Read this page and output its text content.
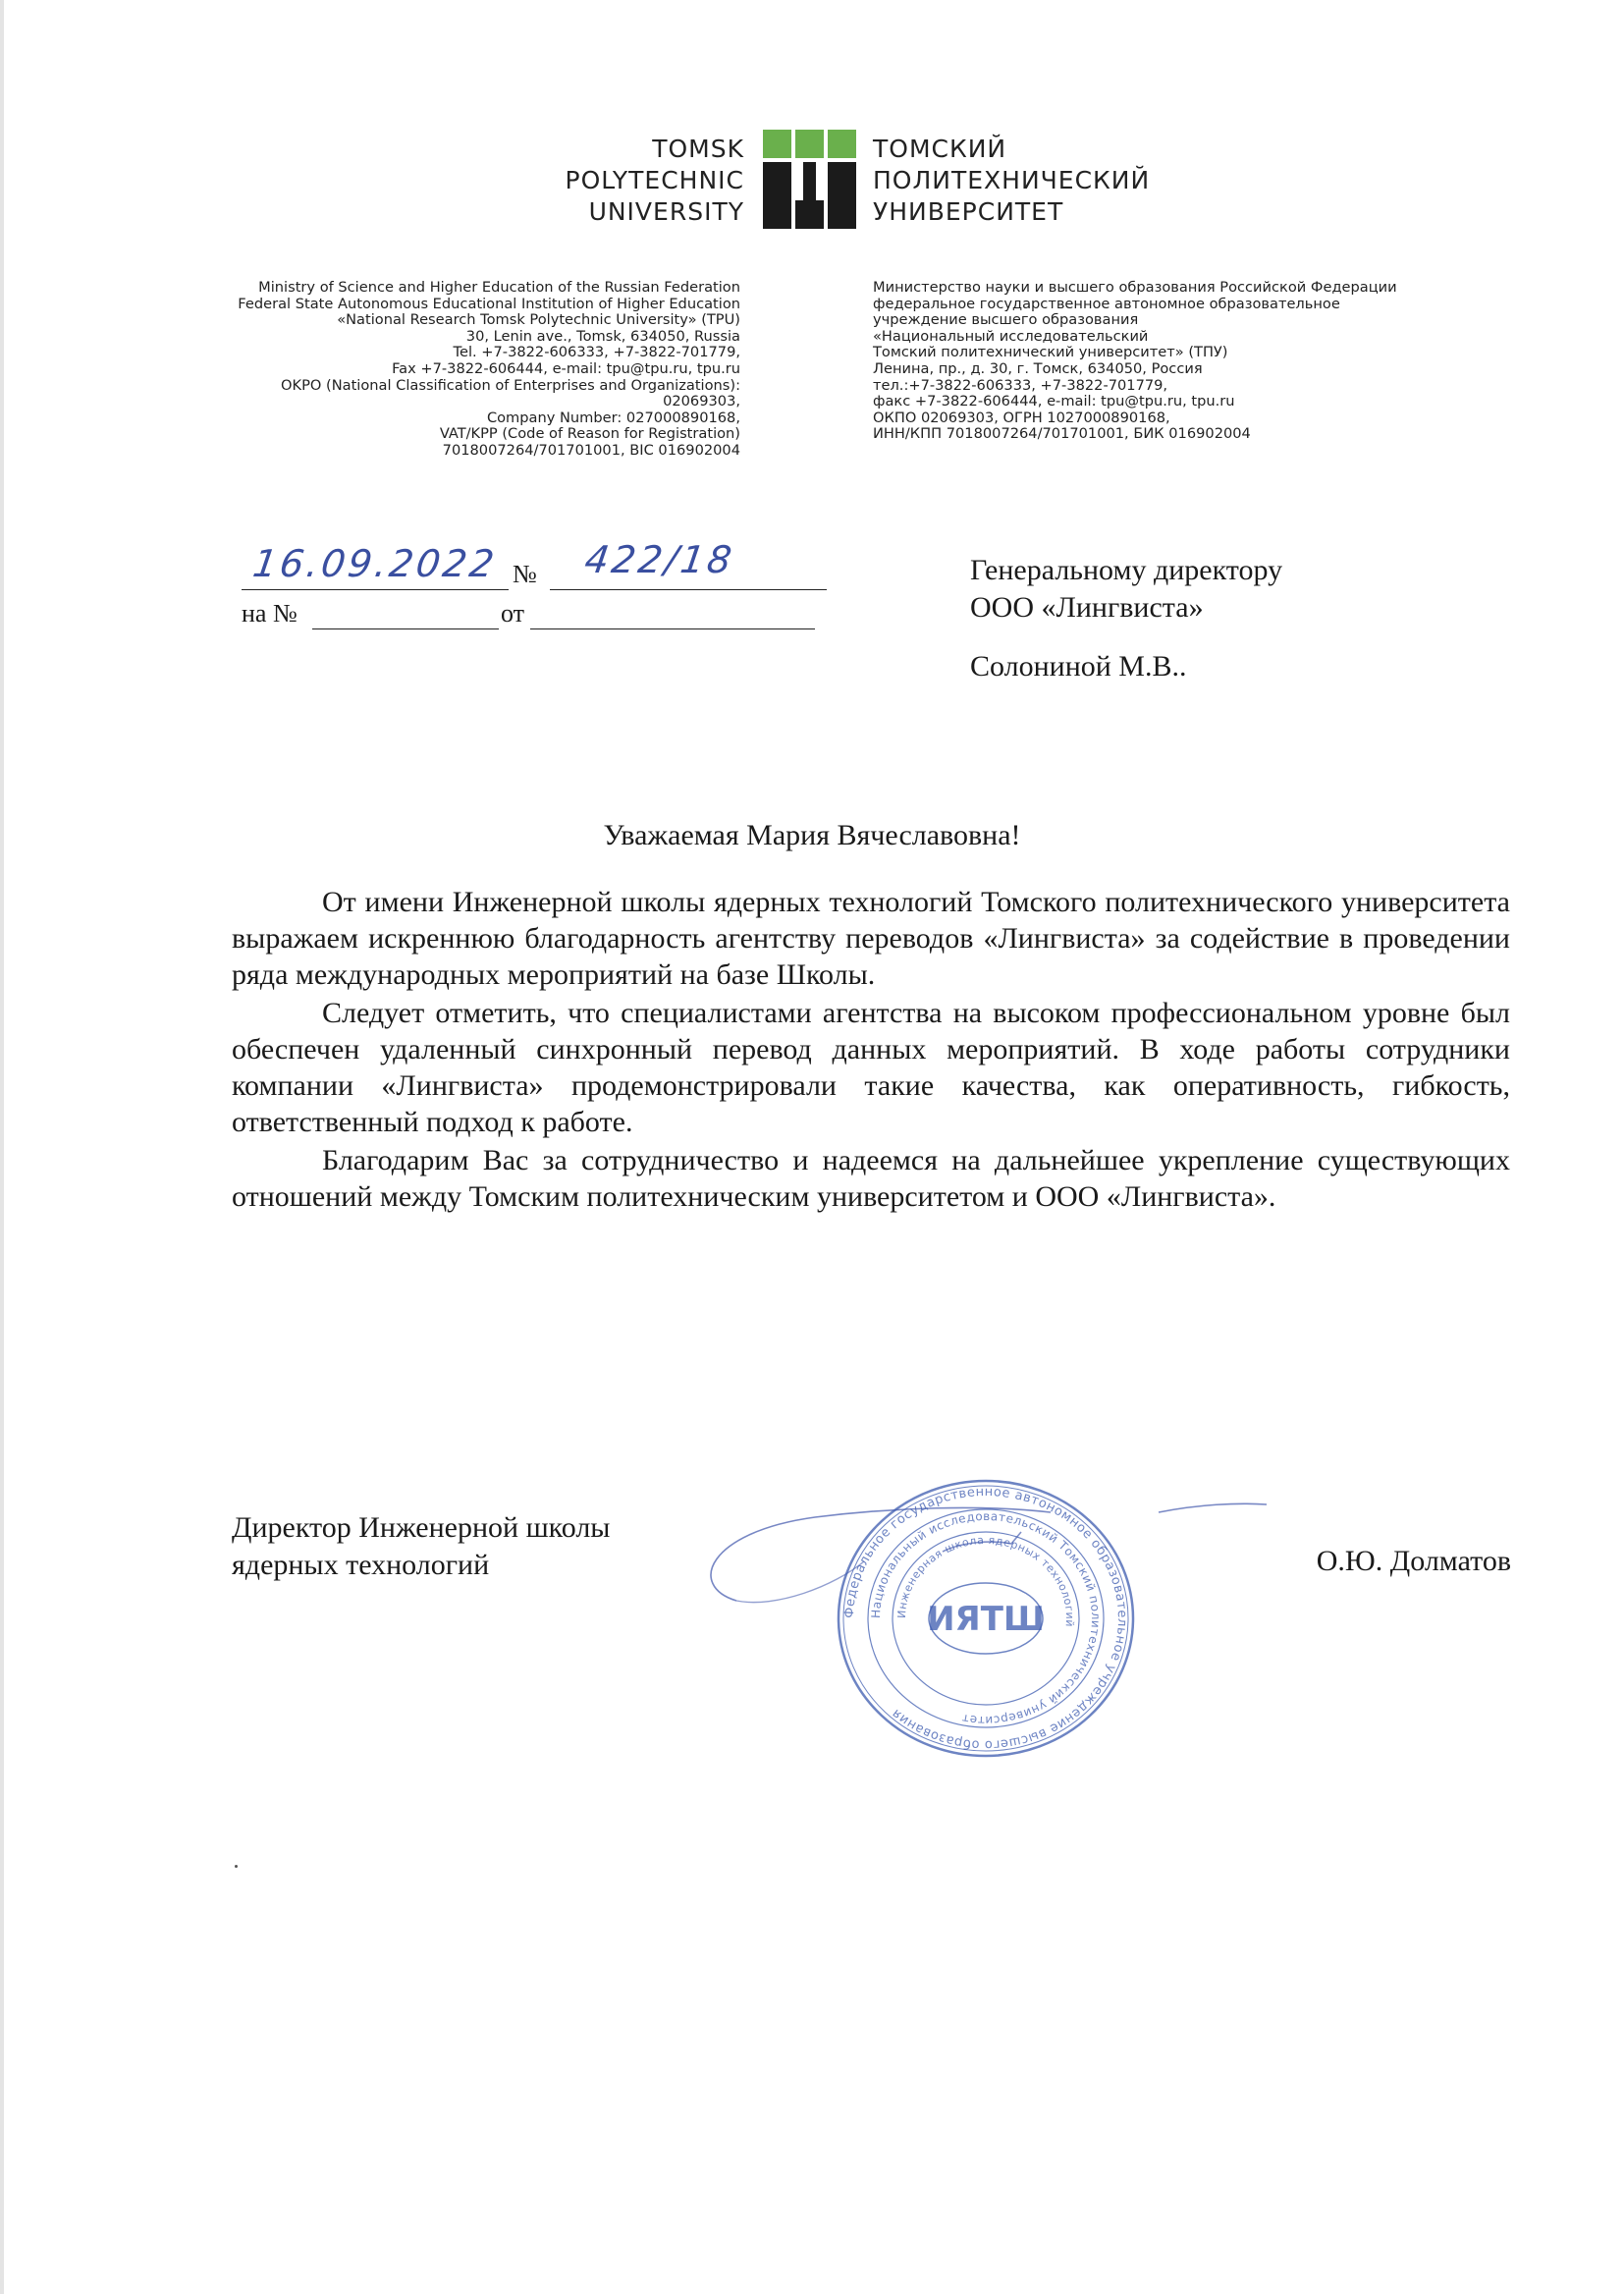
TOMSK
POLYTECHNIC
UNIVERSITY
ТОМСКИЙ
ПОЛИТЕХНИЧЕСКИЙ
УНИВЕРСИТЕТ
Ministry of Science and Higher Education of the Russian Federation
Federal State Autonomous Educational Institution of Higher Education
«National Research Tomsk Polytechnic University» (TPU)
30, Lenin ave., Tomsk, 634050, Russia
Tel. +7-3822-606333, +7-3822-701779,
Fax +7-3822-606444, e-mail: tpu@tpu.ru, tpu.ru
OKPO (National Classification of Enterprises and Organizations):
02069303,
Company Number: 027000890168,
VAT/KPP (Code of Reason for Registration)
7018007264/701701001, BIC 016902004
Министерство науки и высшего образования Российской Федерации
федеральное государственное автономное образовательное
учреждение высшего образования
«Национальный исследовательский
Томский политехнический университет» (ТПУ)
Ленина, пр., д. 30, г. Томск, 634050, Россия
тел.:+7-3822-606333, +7-3822-701779,
факс +7-3822-606444, e-mail: tpu@tpu.ru, tpu.ru
ОКПО 02069303, ОГРН 1027000890168,
ИНН/КПП 7018007264/701701001, БИК 016902004
16.09.2022 № 422/18
на №	от
Генеральному директору
ООО «Лингвиста»
Солониной М.В..
Уважаемая Мария Вячеславовна!

От имени Инженерной школы ядерных технологий Томского политехнического университета выражаем искреннюю благодарность агентству переводов «Лингвиста» за содействие в проведении ряда международных мероприятий на базе Школы.

Следует отметить, что специалистами агентства на высоком профессиональном уровне был обеспечен удаленный синхронный перевод данных мероприятий. В ходе работы сотрудники компании «Лингвиста» продемонстрировали такие качества, как оперативность, гибкость, ответственный подход к работе.

Благодарим Вас за сотрудничество и надеемся на дальнейшее укрепление существующих отношений между Томским политехническим университетом и ООО «Лингвиста».

Директор Инженерной школы
ядерных технологий
Федеральное государственное автономное образовательное учреждение высшего образования
Национальный исследовательский Томский политехнический университет
Инженерная школа ядерных технологий
ИЯТШ
О.Ю. Долматов
